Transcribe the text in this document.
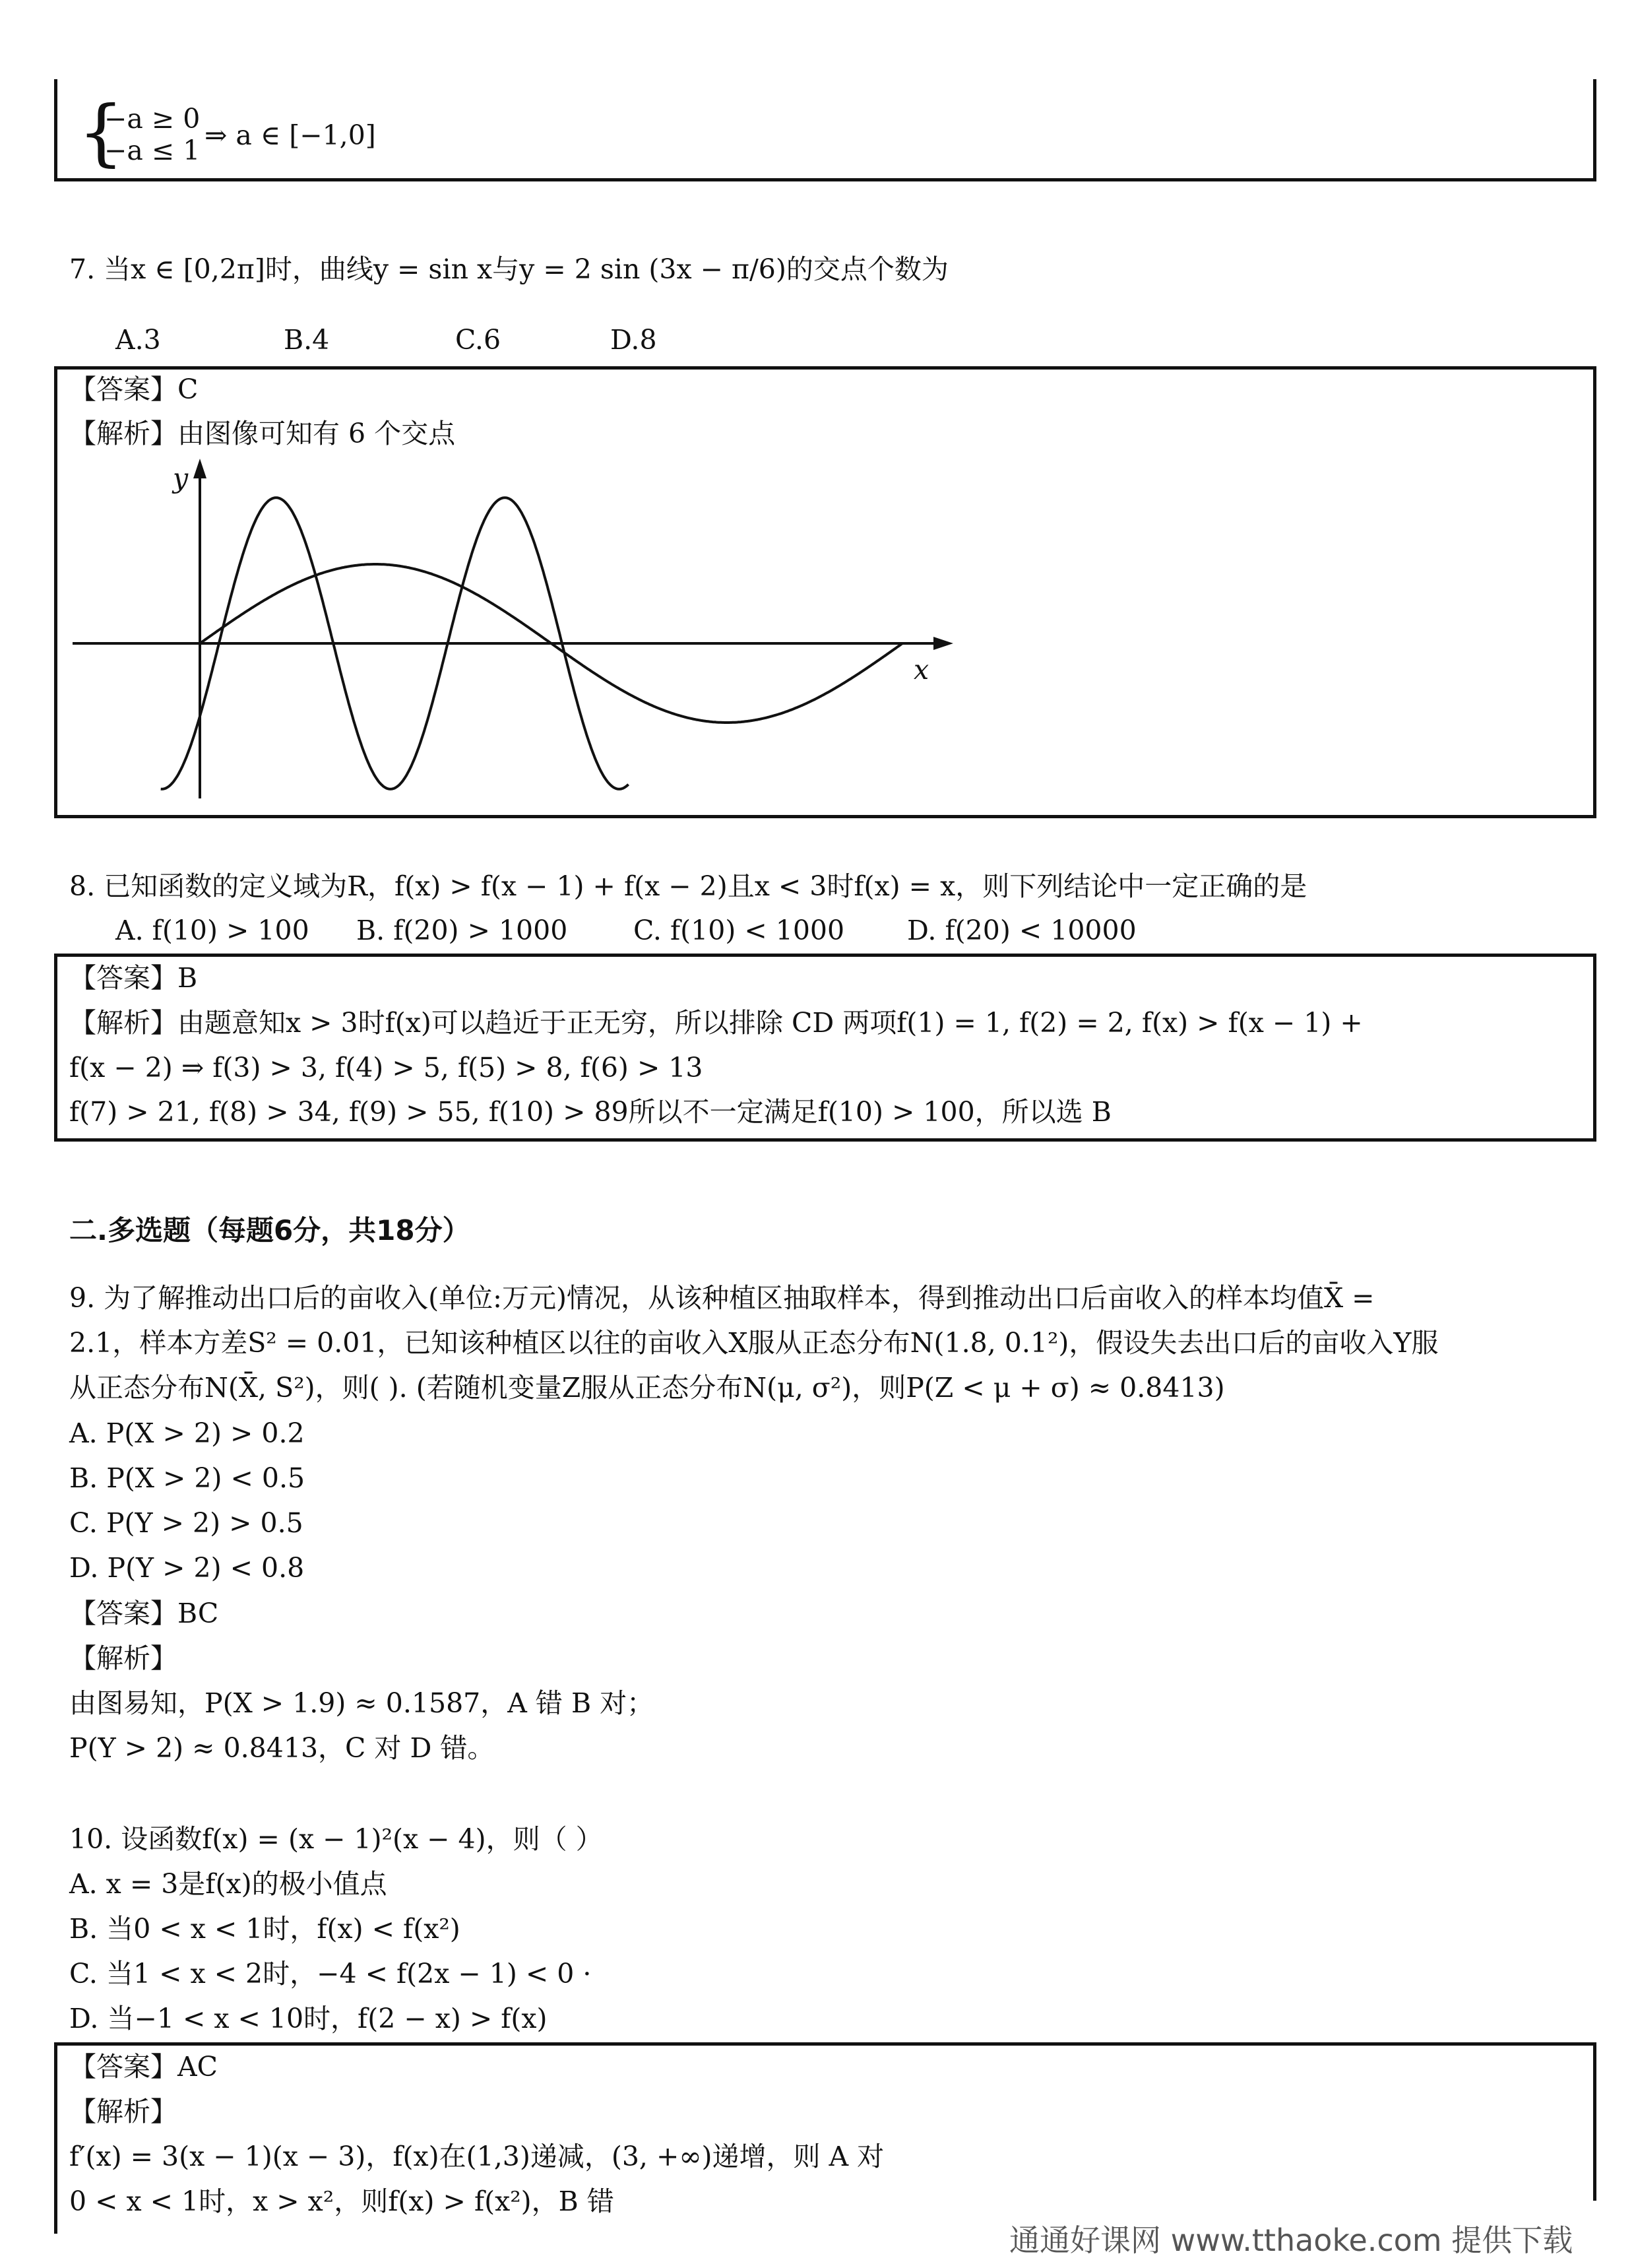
{
−a ≥ 0
−a ≤ 1 ⇒ a ∈ [−1,0]
7. 当x ∈ [0,2π]时，曲线y = sin x与y = 2 sin (3x − π/6)的交点个数为
A.3	B.4	C.6	D.8
【答案】C
【解析】由图像可知有 6 个交点
y
x
8. 已知函数的定义域为R，f(x) > f(x − 1) + f(x − 2)且x < 3时f(x) = x，则下列结论中一定正确的是
A. f(10) > 100 B. f(20) > 1000 C. f(10) < 1000 D. f(20) < 10000
【答案】B
【解析】由题意知x > 3时f(x)可以趋近于正无穷，所以排除 CD 两项f(1) = 1, f(2) = 2, f(x) > f(x − 1) +
f(x − 2) ⇒ f(3) > 3, f(4) > 5, f(5) > 8, f(6) > 13
f(7) > 21, f(8) > 34, f(9) > 55, f(10) > 89所以不一定满足f(10) > 100，所以选 B
二.多选题（每题6分，共18分）
9. 为了解推动出口后的亩收入(单位:万元)情况，从该种植区抽取样本，得到推动出口后亩收入的样本均值X̄ =
2.1，样本方差S² = 0.01，已知该种植区以往的亩收入X服从正态分布N(1.8, 0.1²)，假设失去出口后的亩收入Y服
从正态分布N(X̄, S²)，则( ). (若随机变量Z服从正态分布N(μ, σ²)，则P(Z < μ + σ) ≈ 0.8413)
A. P(X > 2) > 0.2
B. P(X > 2) < 0.5
C. P(Y > 2) > 0.5
D. P(Y > 2) < 0.8
【答案】BC
【解析】
由图易知，P(X > 1.9) ≈ 0.1587，A 错 B 对；
P(Y > 2) ≈ 0.8413，C 对 D 错。
10. 设函数f(x) = (x − 1)²(x − 4)，则（ ）
A. x = 3是f(x)的极小值点
B. 当0 < x < 1时，f(x) < f(x²)
C. 当1 < x < 2时，−4 < f(2x − 1) < 0 ·
D. 当−1 < x < 10时，f(2 − x) > f(x)
【答案】AC
【解析】
f′(x) = 3(x − 1)(x − 3)，f(x)在(1,3)递减，(3, +∞)递增，则 A 对
0 < x < 1时，x > x²，则f(x) > f(x²)，B 错
通通好课网 www.tthaoke.com 提供下载
